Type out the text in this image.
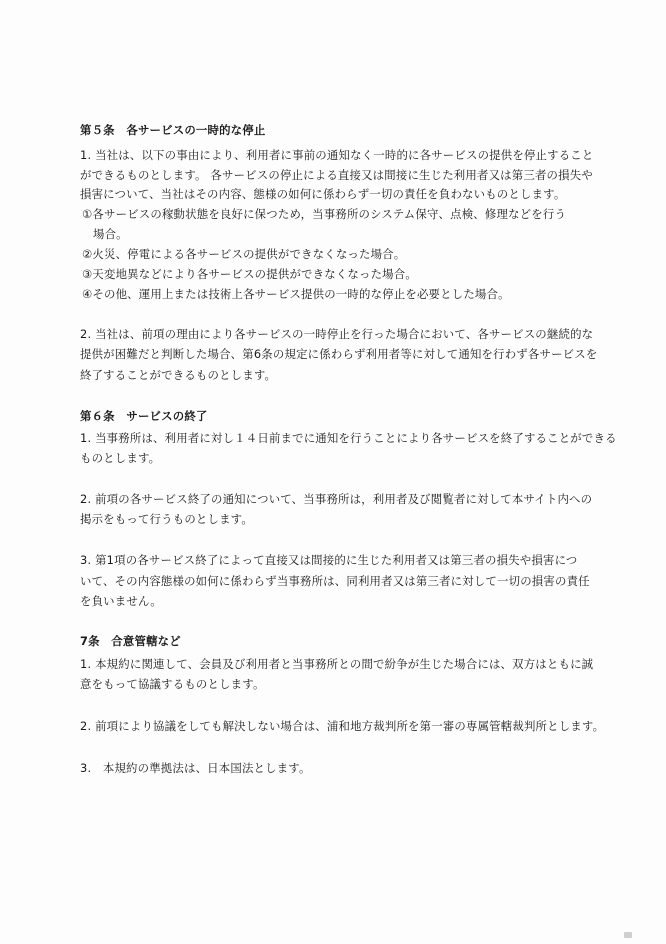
第５条　各サービスの一時的な停止
1. 当社は、以下の事由により、利用者に事前の通知なく一時的に各サービスの提供を停止すること
ができるものとします。 各サービスの停止による直接又は間接に生じた利用者又は第三者の損失や
損害について、当社はその内容、態様の如何に係わらず一切の責任を負わないものとします。
①各サービスの稼動状態を良好に保つため，当事務所のシステム保守、点検、修理などを行う
場合。
②火災、停電による各サービスの提供ができなくなった場合。
③天変地異などにより各サービスの提供ができなくなった場合。
④その他、運用上または技術上各サービス提供の一時的な停止を必要とした場合。
2. 当社は、前項の理由により各サービスの一時停止を行った場合において、各サービスの継続的な
提供が困難だと判断した場合、第6条の規定に係わらず利用者等に対して通知を行わず各サービスを
終了することができるものとします。
第６条　サービスの終了
1. 当事務所は、利用者に対し１４日前までに通知を行うことにより各サービスを終了することができる
ものとします。
2. 前項の各サービス終了の通知について、当事務所は，利用者及び閲覧者に対して本サイト内への
掲示をもって行うものとします。
3. 第1項の各サービス終了によって直接又は間接的に生じた利用者又は第三者の損失や損害につ
いて、その内容態様の如何に係わらず当事務所は、同利用者又は第三者に対して一切の損害の責任
を負いません。
7条　合意管轄など
1. 本規約に関連して、会員及び利用者と当事務所との間で紛争が生じた場合には、双方はともに誠
意をもって協議するものとします。
2. 前項により協議をしても解決しない場合は、浦和地方裁判所を第一審の専属管轄裁判所とします。
3.　本規約の準拠法は、日本国法とします。
